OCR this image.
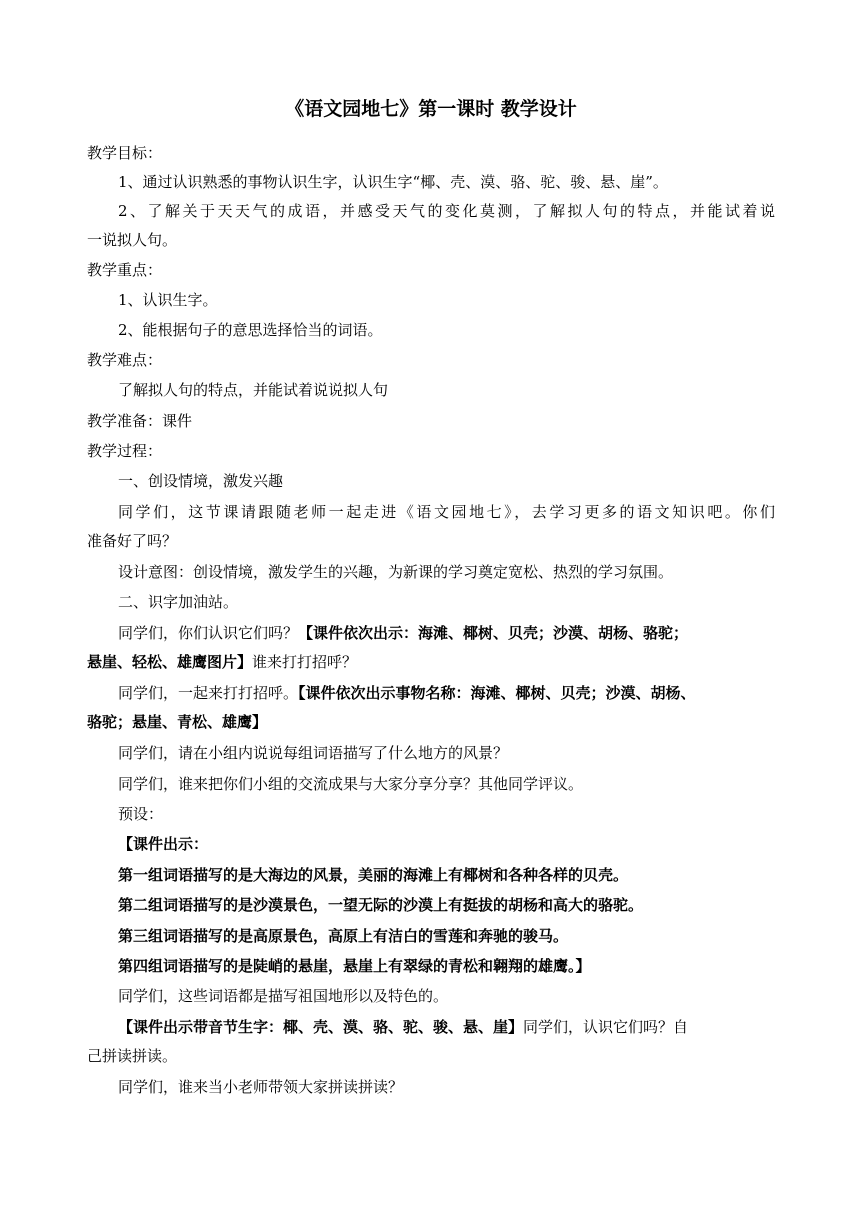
《语文园地七》第一课时 教学设计
教学目标：
1、通过认识熟悉的事物认识生字，认识生字“椰、壳、漠、骆、驼、骏、悬、崖”。
2、了解关于天天气的成语，并感受天气的变化莫测，了解拟人句的特点，并能试着说
一说拟人句。
教学重点：
1、认识生字。
2、能根据句子的意思选择恰当的词语。
教学难点：
了解拟人句的特点，并能试着说说拟人句
教学准备：课件
教学过程：
一、创设情境，激发兴趣
同学们，这节课请跟随老师一起走进《语文园地七》，去学习更多的语文知识吧。你们
准备好了吗？
设计意图：创设情境，激发学生的兴趣，为新课的学习奠定宽松、热烈的学习氛围。
二、识字加油站。
同学们，你们认识它们吗？【课件依次出示：海滩、椰树、贝壳；沙漠、胡杨、骆驼；
悬崖、轻松、雄鹰图片】谁来打打招呼？
同学们，一起来打打招呼。【课件依次出示事物名称：海滩、椰树、贝壳；沙漠、胡杨、
骆驼；悬崖、青松、雄鹰】
同学们，请在小组内说说每组词语描写了什么地方的风景？
同学们，谁来把你们小组的交流成果与大家分享分享？其他同学评议。
预设：
【课件出示：
第一组词语描写的是大海边的风景，美丽的海滩上有椰树和各种各样的贝壳。
第二组词语描写的是沙漠景色，一望无际的沙漠上有挺拔的胡杨和高大的骆驼。
第三组词语描写的是高原景色，高原上有洁白的雪莲和奔驰的骏马。
第四组词语描写的是陡峭的悬崖，悬崖上有翠绿的青松和翱翔的雄鹰。】
同学们，这些词语都是描写祖国地形以及特色的。
【课件出示带音节生字：椰、壳、漠、骆、驼、骏、悬、崖】同学们，认识它们吗？自
己拼读拼读。
同学们，谁来当小老师带领大家拼读拼读？
